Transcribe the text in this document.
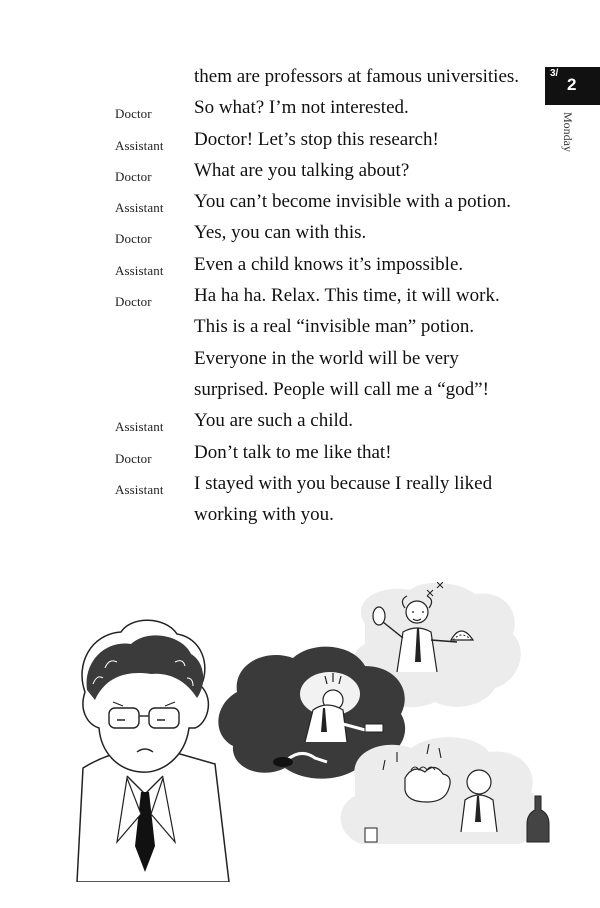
3/
2
Monday
them are professors at famous universities.
Doctor So what? I’m not interested.
Assistant Doctor! Let’s stop this research!
Doctor What are you talking about?
Assistant You can’t become invisible with a potion.
Doctor Yes, you can with this.
Assistant Even a child knows it’s impossible.
Doctor Ha ha ha. Relax. This time, it will work.
This is a real “invisible man” potion.
Everyone in the world will be very
surprised. People will call me a “god”!
Assistant You are such a child.
Doctor Don’t talk to me like that!
Assistant I stayed with you because I really liked
working with you.
